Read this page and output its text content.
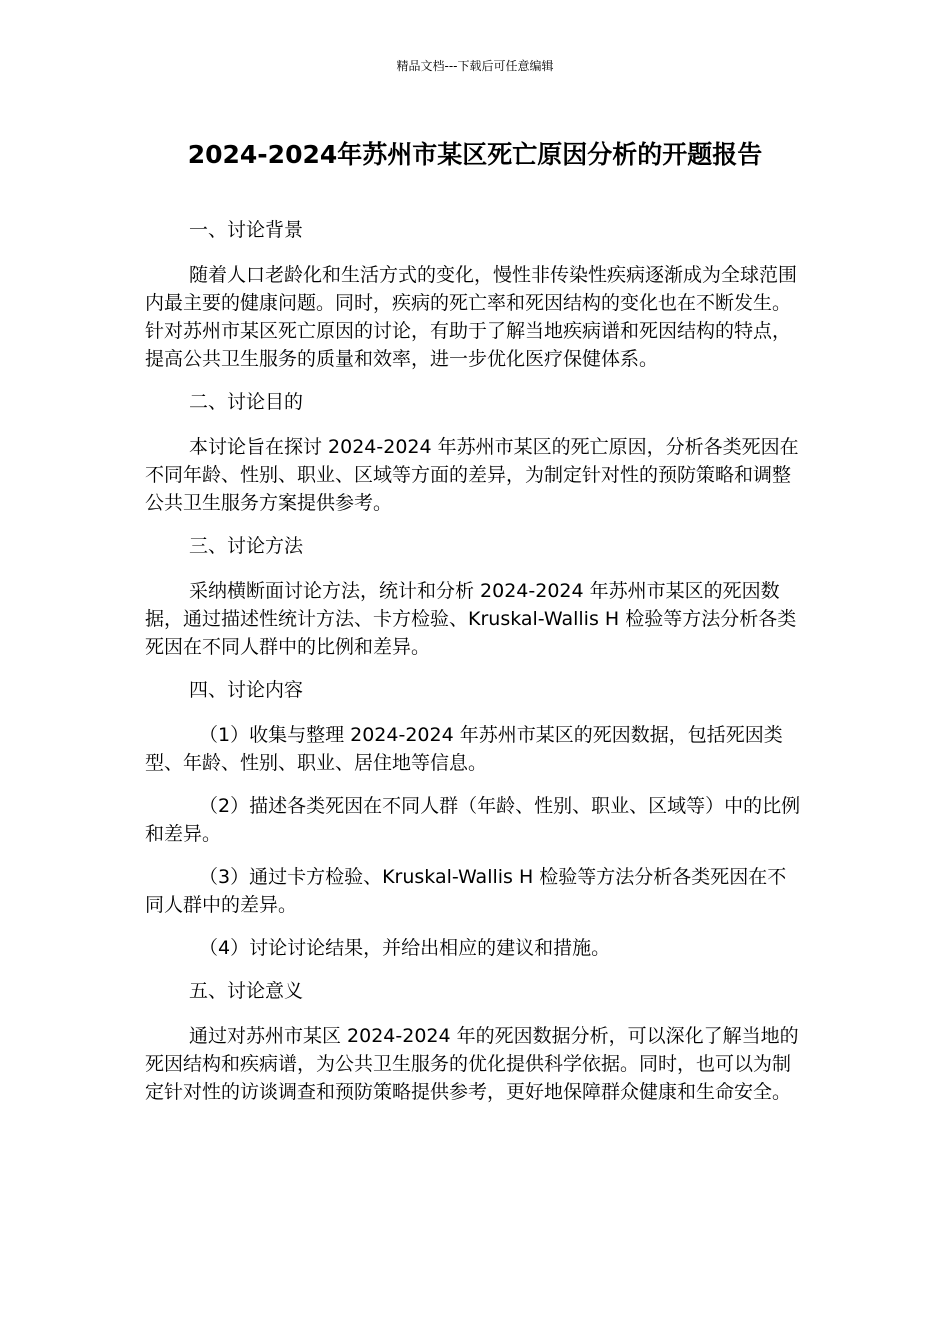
精品文档---下载后可任意编辑
2024-2024年苏州市某区死亡原因分析的开题报告
一、讨论背景

随着人口老龄化和生活方式的变化，慢性非传染性疾病逐渐成为全球范围内最主要的健康问题。同时，疾病的死亡率和死因结构的变化也在不断发生。针对苏州市某区死亡原因的讨论，有助于了解当地疾病谱和死因结构的特点，提高公共卫生服务的质量和效率，进一步优化医疗保健体系。

二、讨论目的

本讨论旨在探讨 2024-2024 年苏州市某区的死亡原因，分析各类死因在不同年龄、性别、职业、区域等方面的差异，为制定针对性的预防策略和调整公共卫生服务方案提供参考。

三、讨论方法

采纳横断面讨论方法，统计和分析 2024-2024 年苏州市某区的死因数据，通过描述性统计方法、卡方检验、Kruskal-Wallis H 检验等方法分析各类死因在不同人群中的比例和差异。

四、讨论内容

（1）收集与整理 2024-2024 年苏州市某区的死因数据，包括死因类型、年龄、性别、职业、居住地等信息。

（2）描述各类死因在不同人群（年龄、性别、职业、区域等）中的比例和差异。

（3）通过卡方检验、Kruskal-Wallis H 检验等方法分析各类死因在不同人群中的差异。

（4）讨论讨论结果，并给出相应的建议和措施。

五、讨论意义

通过对苏州市某区 2024-2024 年的死因数据分析，可以深化了解当地的死因结构和疾病谱，为公共卫生服务的优化提供科学依据。同时，也可以为制定针对性的访谈调查和预防策略提供参考，更好地保障群众健康和生命安全。
